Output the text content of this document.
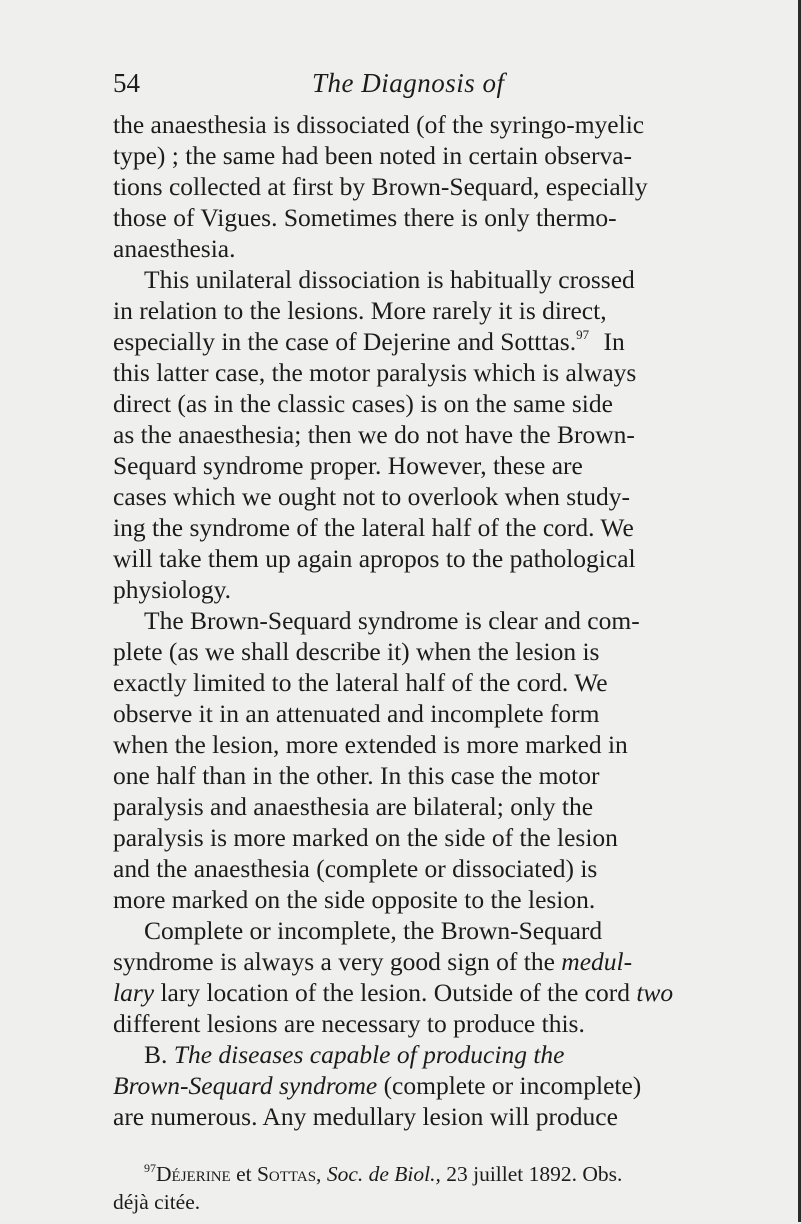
54	The Diagnosis of
the anaesthesia is dissociated (of the syringo-myelic
type) ; the same had been noted in certain observa-
tions collected at first by Brown-Sequard, especially
those of Vigues. Sometimes there is only thermo-
anaesthesia.
This unilateral dissociation is habitually crossed
in relation to the lesions. More rarely it is direct,
especially in the case of Dejerine and Sotttas.$^{97}$ In
this latter case, the motor paralysis which is always
direct (as in the classic cases) is on the same side
as the anaesthesia; then we do not have the Brown-
Sequard syndrome proper. However, these are
cases which we ought not to overlook when study-
ing the syndrome of the lateral half of the cord. We
will take them up again apropos to the pathological
physiology.
The Brown-Sequard syndrome is clear and com-
plete (as we shall describe it) when the lesion is
exactly limited to the lateral half of the cord. We
observe it in an attenuated and incomplete form
when the lesion, more extended is more marked in
one half than in the other. In this case the motor
paralysis and anaesthesia are bilateral; only the
paralysis is more marked on the side of the lesion
and the anaesthesia (complete or dissociated) is
more marked on the side opposite to the lesion.
Complete or incomplete, the Brown-Sequard
syndrome is always a very good sign of the medul-
lary lary location of the lesion. Outside of the cord two
different lesions are necessary to produce this.
B. The diseases capable of producing the
Brown-Sequard syndrome (complete or incomplete)
are numerous. Any medullary lesion will produce
$^{97}$Déjerine et Sottas, Soc. de Biol., 23 juillet 1892. Obs.
déjà citée.
